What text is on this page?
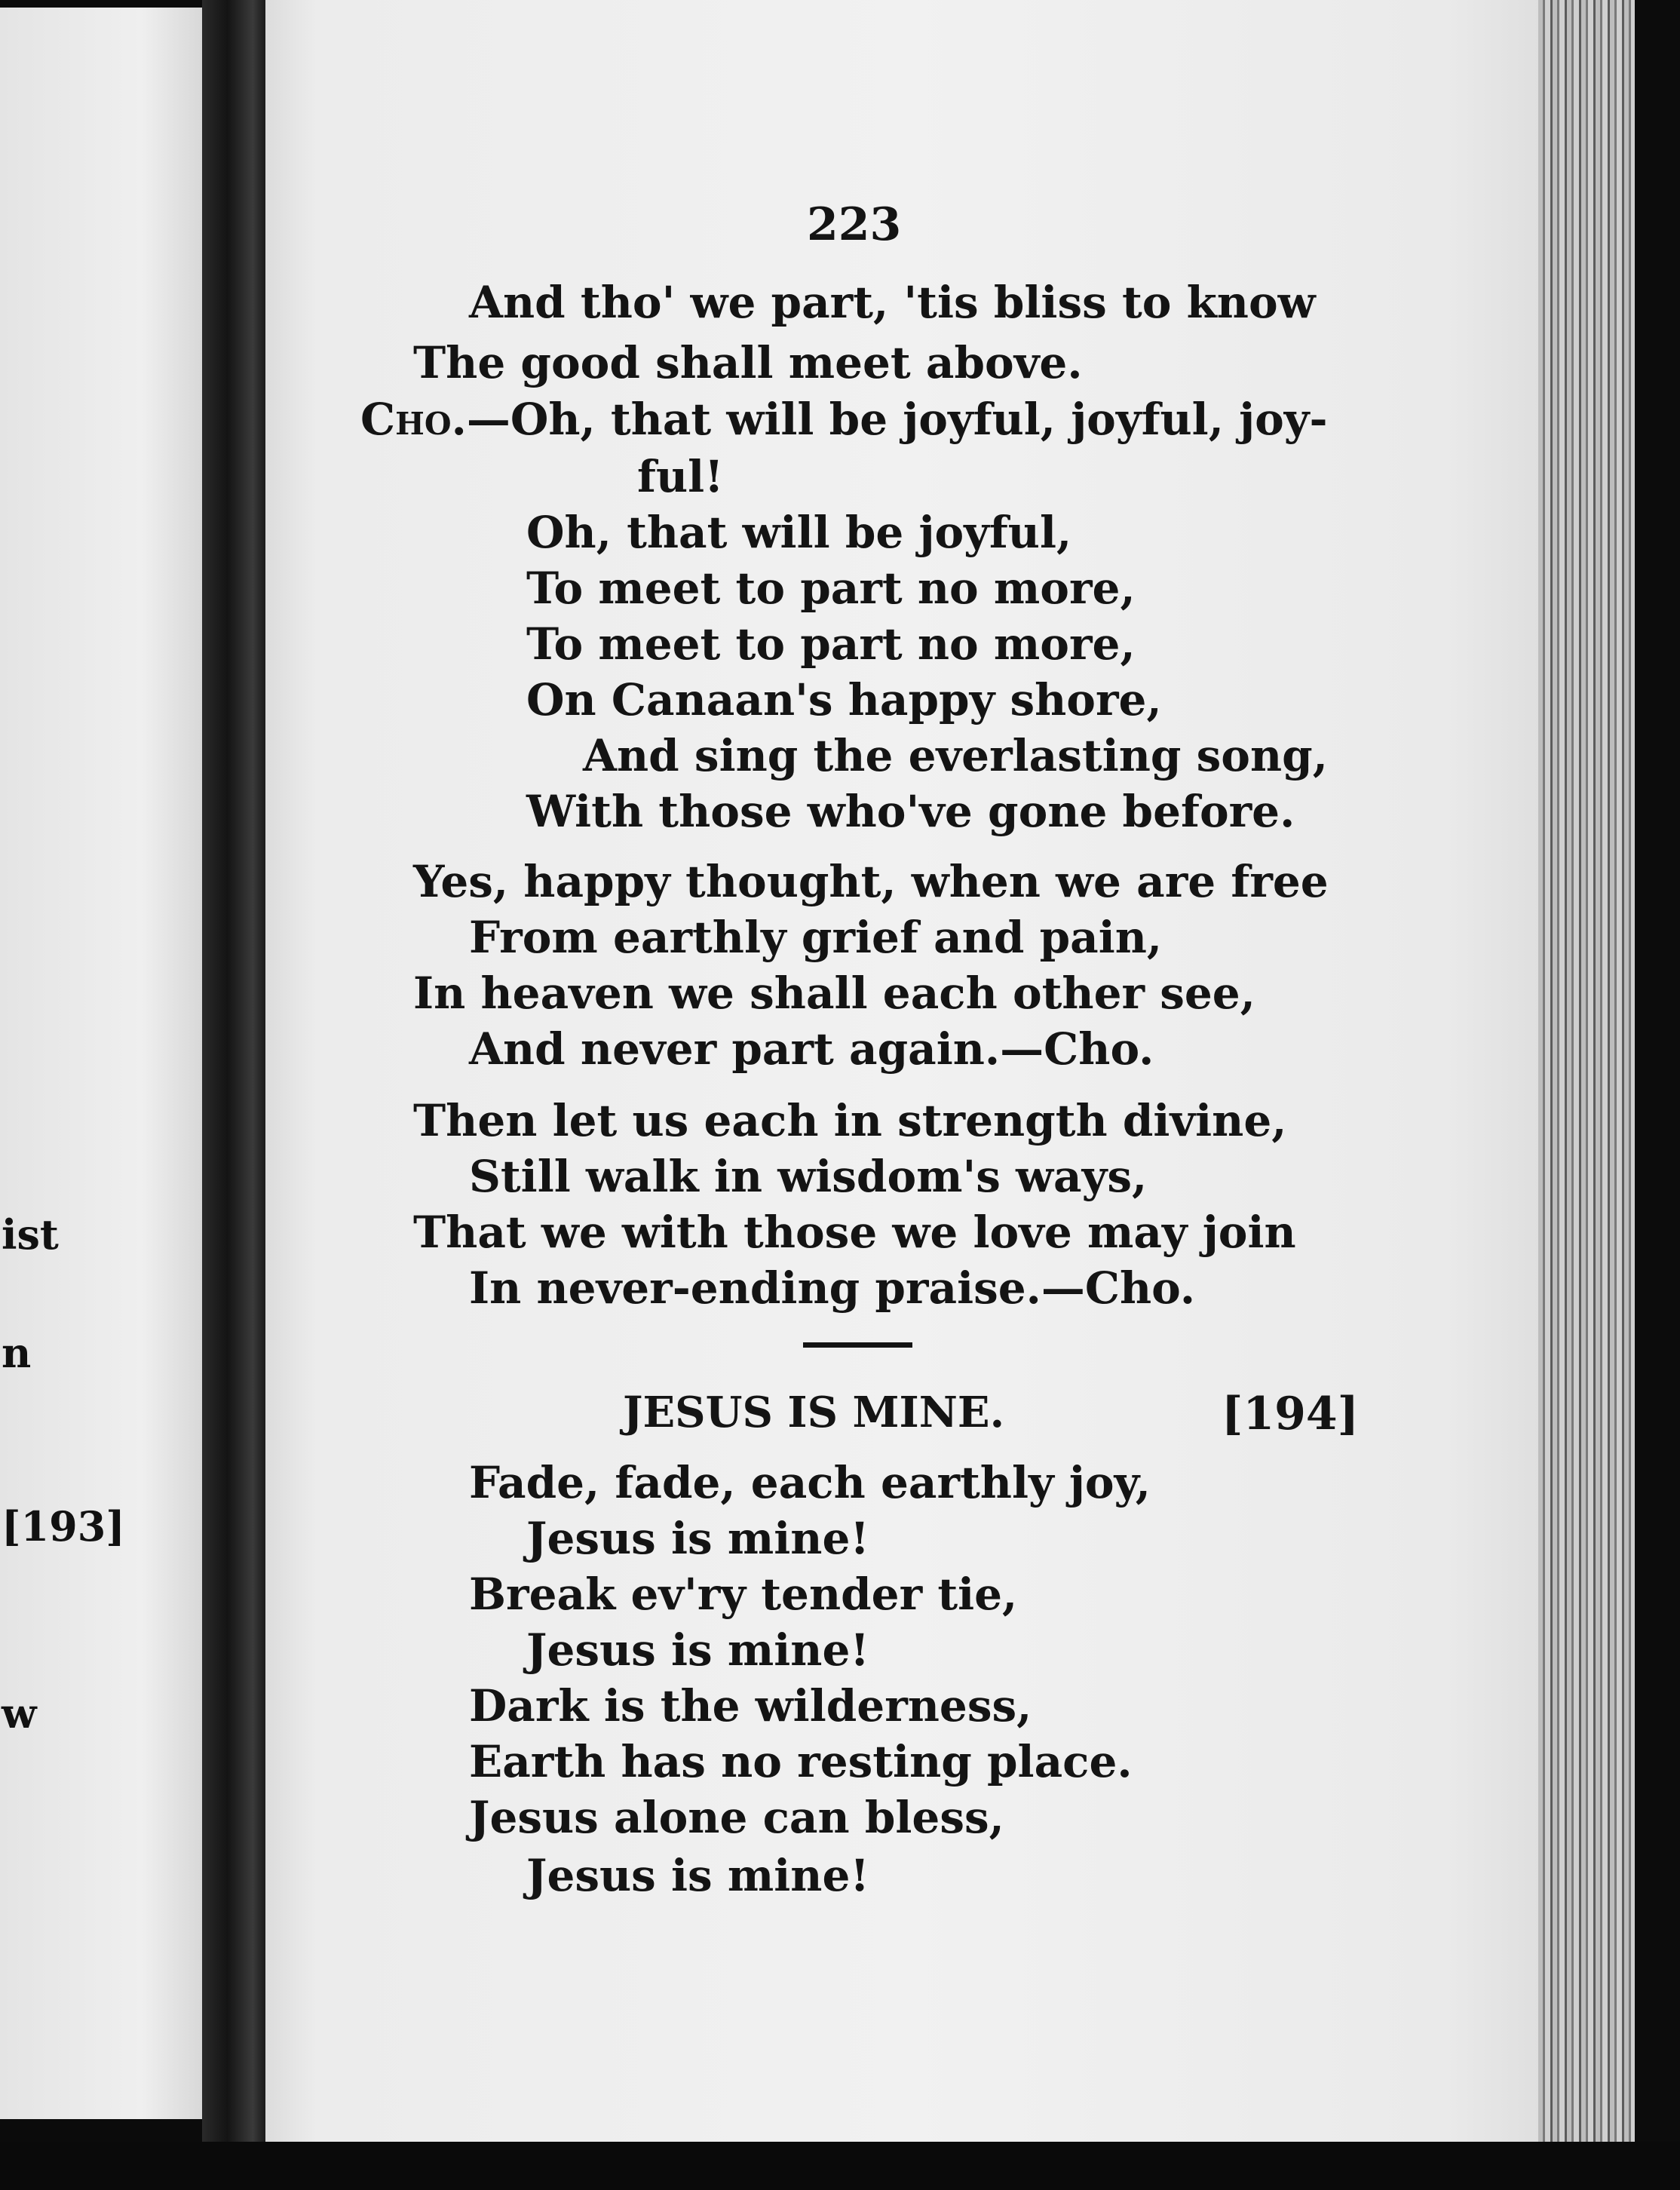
ist
n
[193]
w
223
And tho' we part, 'tis bliss to know
The good shall meet above.
Cho.—Oh, that will be joyful, joyful, joy-
ful!
Oh, that will be joyful,
To meet to part no more,
To meet to part no more,
On Canaan's happy shore,
And sing the everlasting song,
With those who've gone before.
Yes, happy thought, when we are free
From earthly grief and pain,
In heaven we shall each other see,
And never part again.—Cho.
Then let us each in strength divine,
Still walk in wisdom's ways,
That we with those we love may join
In never-ending praise.—Cho.
JESUS IS MINE.	[194]
Fade, fade, each earthly joy,
Jesus is mine!
Break ev'ry tender tie,
Jesus is mine!
Dark is the wilderness,
Earth has no resting place.
Jesus alone can bless,
Jesus is mine!
